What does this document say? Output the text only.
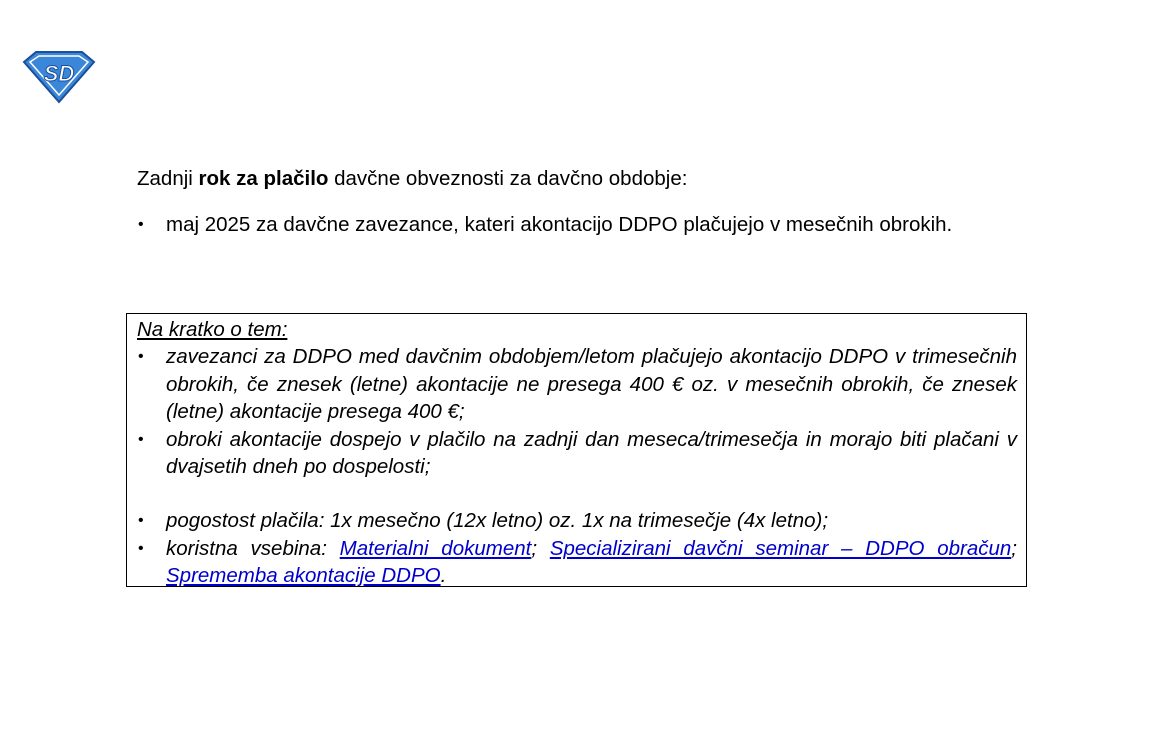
SD
Zadnji rok za plačilo davčne obveznosti za davčno obdobje:
• maj 2025 za davčne zavezance, kateri akontacijo DDPO plačujejo v mesečnih obrokih.
Na kratko o tem:
• zavezanci za DDPO med davčnim obdobjem/letom plačujejo akontacijo DDPO v trimesečnih obrokih, če znesek (letne) akontacije ne presega 400 € oz. v mesečnih obrokih, če znesek (letne) akontacije presega 400 €;
• obroki akontacije dospejo v plačilo na zadnji dan meseca/trimesečja in morajo biti plačani v dvajsetih dneh po dospelosti;
• pogostost plačila: 1x mesečno (12x letno) oz. 1x na trimesečje (4x letno);
• koristna vsebina: Materialni dokument; Specializirani davčni seminar – DDPO obračun; Sprememba akontacije DDPO.
